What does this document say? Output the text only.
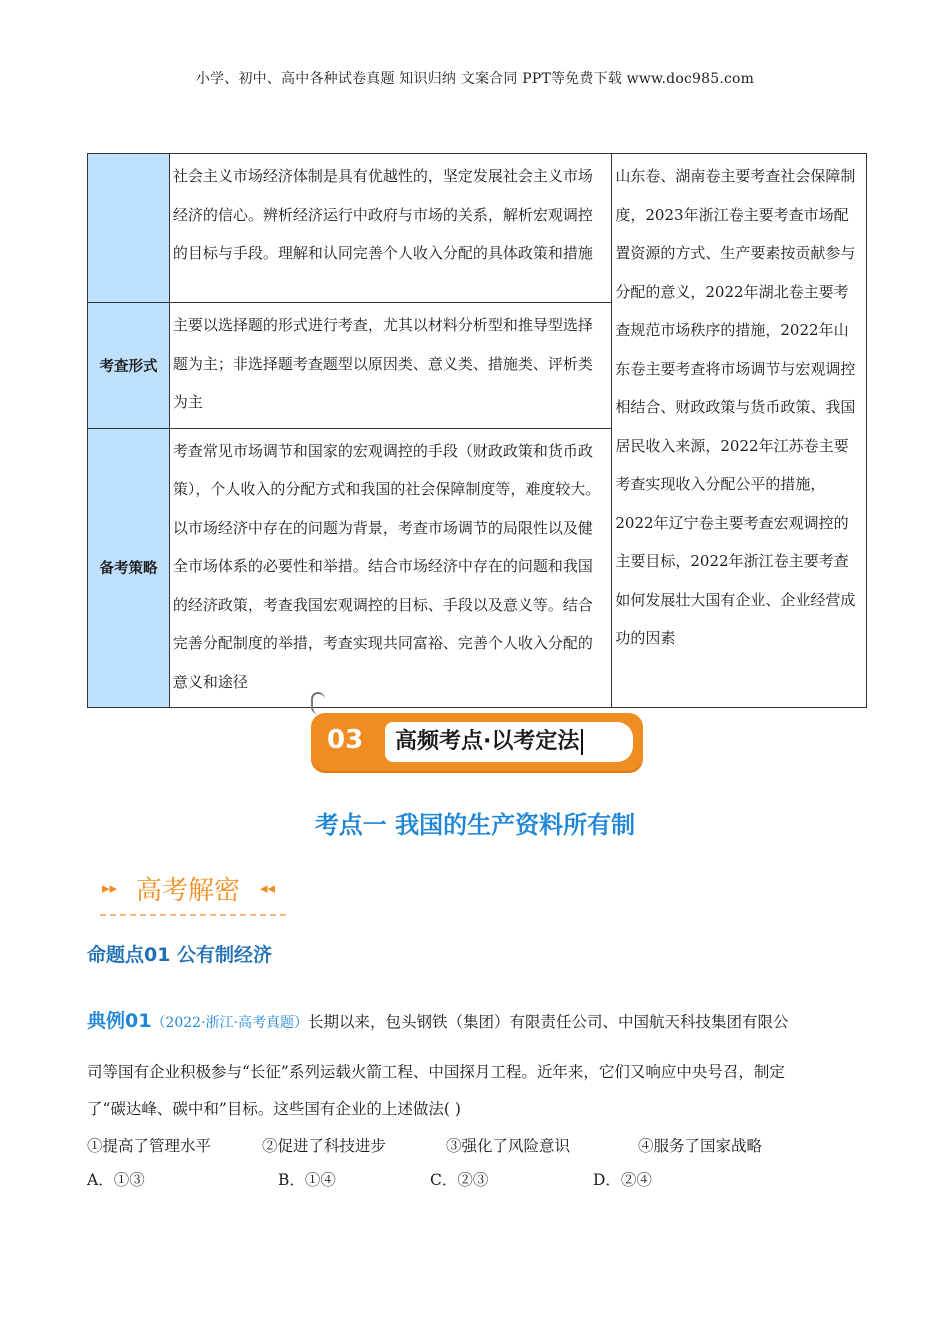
小学、初中、高中各种试卷真题 知识归纳 文案合同 PPT等免费下载 www.doc985.com
	社会主义市场经济体制是具有优越性的，坚定发展社会主义市场经济的信心。辨析经济运行中政府与市场的关系，解析宏观调控的目标与手段。理解和认同完善个人收入分配的具体政策和措施	山东卷、湖南卷主要考查社会保障制度，2023年浙江卷主要考查市场配置资源的方式、生产要素按贡献参与分配的意义，2022年湖北卷主要考查规范市场秩序的措施，2022年山东卷主要考查将市场调节与宏观调控相结合、财政政策与货币政策、我国居民收入来源，2022年江苏卷主要考查实现收入分配公平的措施，2022年辽宁卷主要考查宏观调控的主要目标，2022年浙江卷主要考查如何发展壮大国有企业、企业经营成功的因素
考查形式	主要以选择题的形式进行考查，尤其以材料分析型和推导型选择题为主；非选择题考查题型以原因类、意义类、措施类、评析类为主	
备考策略	考查常见市场调节和国家的宏观调控的手段（财政政策和货币政策），个人收入的分配方式和我国的社会保障制度等，难度较大。以市场经济中存在的问题为背景，考查市场调节的局限性以及健全市场体系的必要性和举措。结合市场经济中存在的问题和我国的经济政策，考查我国宏观调控的目标、手段以及意义等。结合完善分配制度的举措，考查实现共同富裕、完善个人收入分配的意义和途径	
03	高频考点·以考定法
考点一 我国的生产资料所有制
▸▸ 高考解密 ◂◂
命题点01 公有制经济
典例01（2022·浙江·高考真题）长期以来，包头钢铁（集团）有限责任公司、中国航天科技集团有限公
司等国有企业积极参与“长征”系列运载火箭工程、中国探月工程。近年来，它们又响应中央号召，制定
了“碳达峰、碳中和”目标。这些国有企业的上述做法( )
①提高了管理水平	②促进了科技进步	③强化了风险意识	④服务了国家战略
A．①③	B．①④	C．②③	D．②④
